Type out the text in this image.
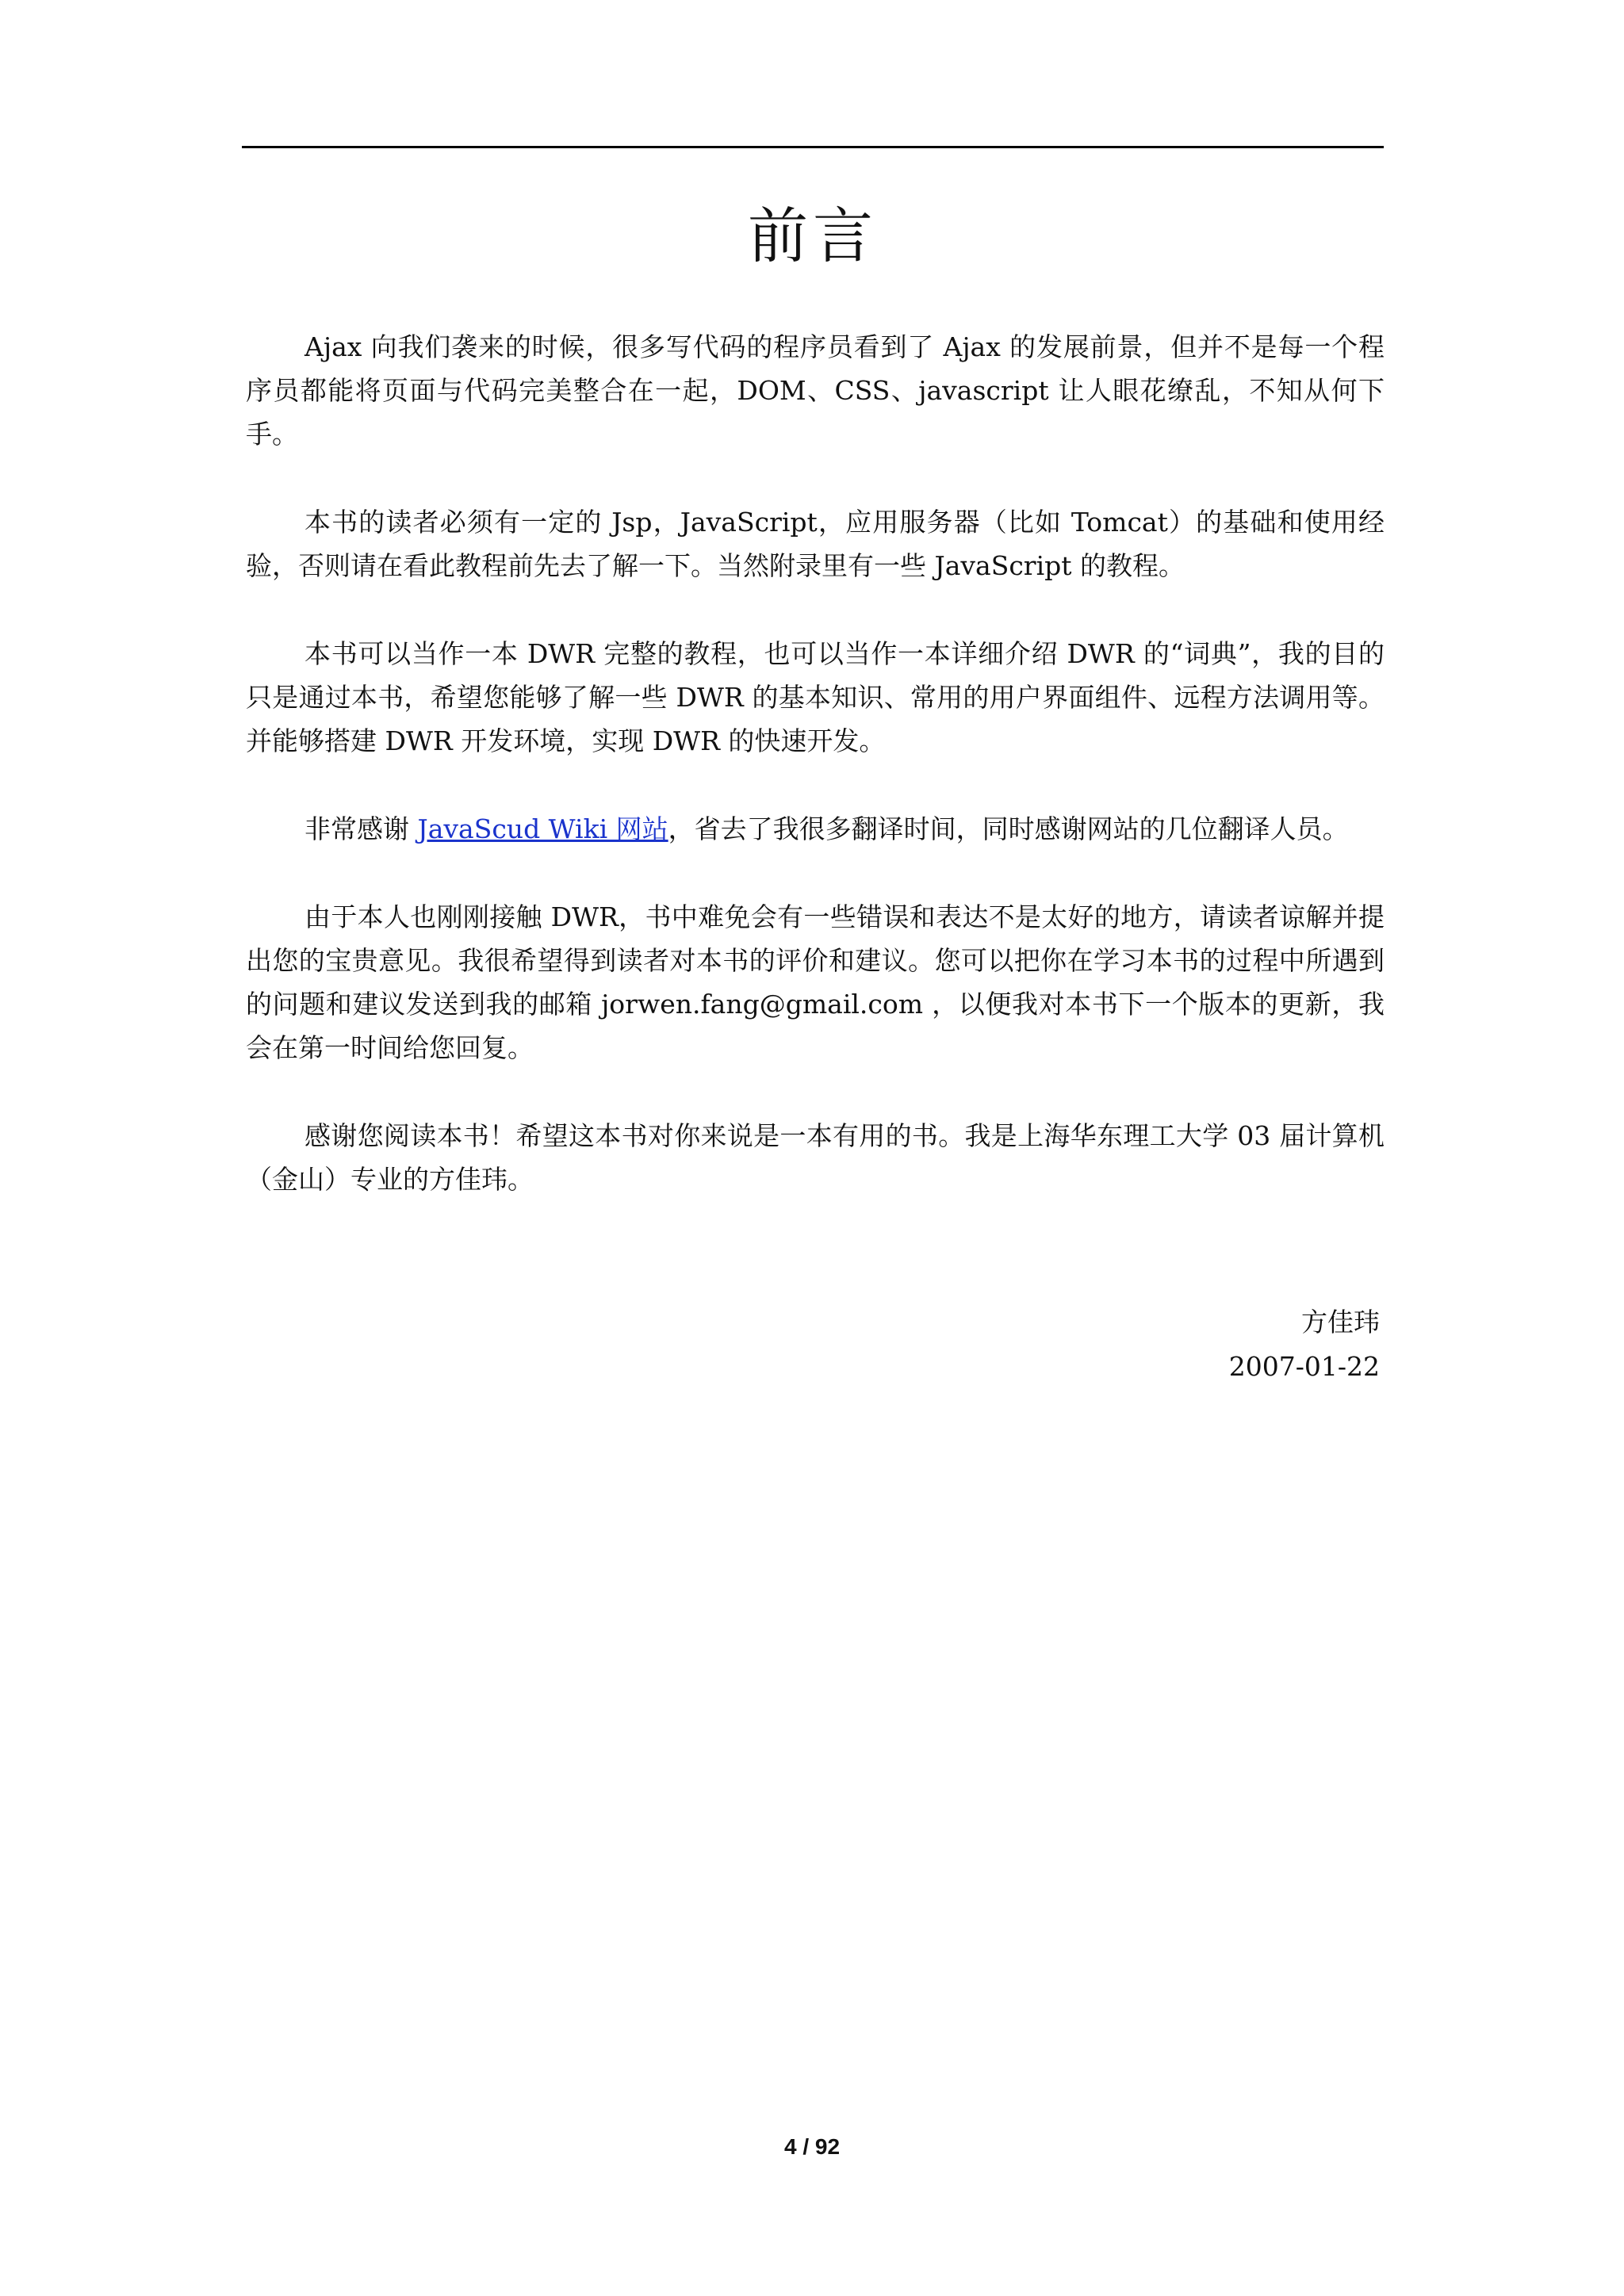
前言

Ajax 向我们袭来的时候，很多写代码的程序员看到了 Ajax 的发展前景，但并不是每一个程序员都能将页面与代码完美整合在一起，DOM、CSS、javascript 让人眼花缭乱，不知从何下手。

本书的读者必须有一定的 Jsp，JavaScript，应用服务器（比如 Tomcat）的基础和使用经验，否则请在看此教程前先去了解一下。当然附录里有一些 JavaScript 的教程。

本书可以当作一本 DWR 完整的教程，也可以当作一本详细介绍 DWR 的“词典”，我的目的只是通过本书，希望您能够了解一些 DWR 的基本知识、常用的用户界面组件、远程方法调用等。并能够搭建 DWR 开发环境，实现 DWR 的快速开发。

非常感谢 JavaScud Wiki 网站，省去了我很多翻译时间，同时感谢网站的几位翻译人员。

由于本人也刚刚接触 DWR，书中难免会有一些错误和表达不是太好的地方，请读者谅解并提出您的宝贵意见。我很希望得到读者对本书的评价和建议。您可以把你在学习本书的过程中所遇到的问题和建议发送到我的邮箱 jorwen.fang@gmail.com ，以便我对本书下一个版本的更新，我会在第一时间给您回复。

感谢您阅读本书！希望这本书对你来说是一本有用的书。我是上海华东理工大学 03 届计算机（金山）专业的方佳玮。

方佳玮
2007-01-22
4 / 92
